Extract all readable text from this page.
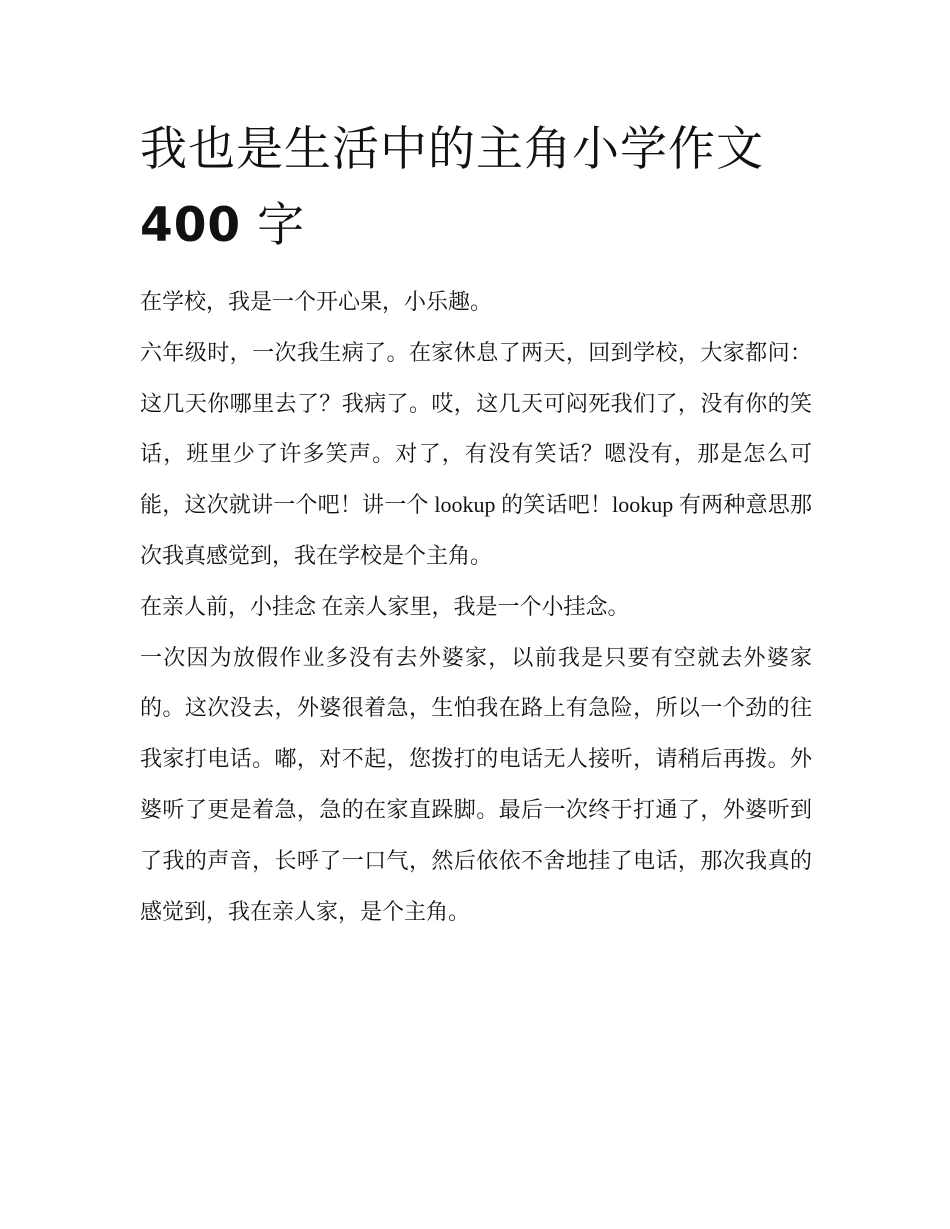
我也是生活中的主角小学作文400 字

在学校，我是一个开心果，小乐趣。

六年级时，一次我生病了。在家休息了两天，回到学校，大家都问：这几天你哪里去了？我病了。哎，这几天可闷死我们了，没有你的笑话，班里少了许多笑声。对了，有没有笑话？嗯没有，那是怎么可能，这次就讲一个吧！讲一个 lookup 的笑话吧！lookup 有两种意思那次我真感觉到，我在学校是个主角。

在亲人前，小挂念 在亲人家里，我是一个小挂念。

一次因为放假作业多没有去外婆家，以前我是只要有空就去外婆家的。这次没去，外婆很着急，生怕我在路上有急险，所以一个劲的往我家打电话。嘟，对不起，您拨打的电话无人接听，请稍后再拨。外婆听了更是着急，急的在家直跺脚。最后一次终于打通了，外婆听到了我的声音，长呼了一口气，然后依依不舍地挂了电话，那次我真的感觉到，我在亲人家，是个主角。
